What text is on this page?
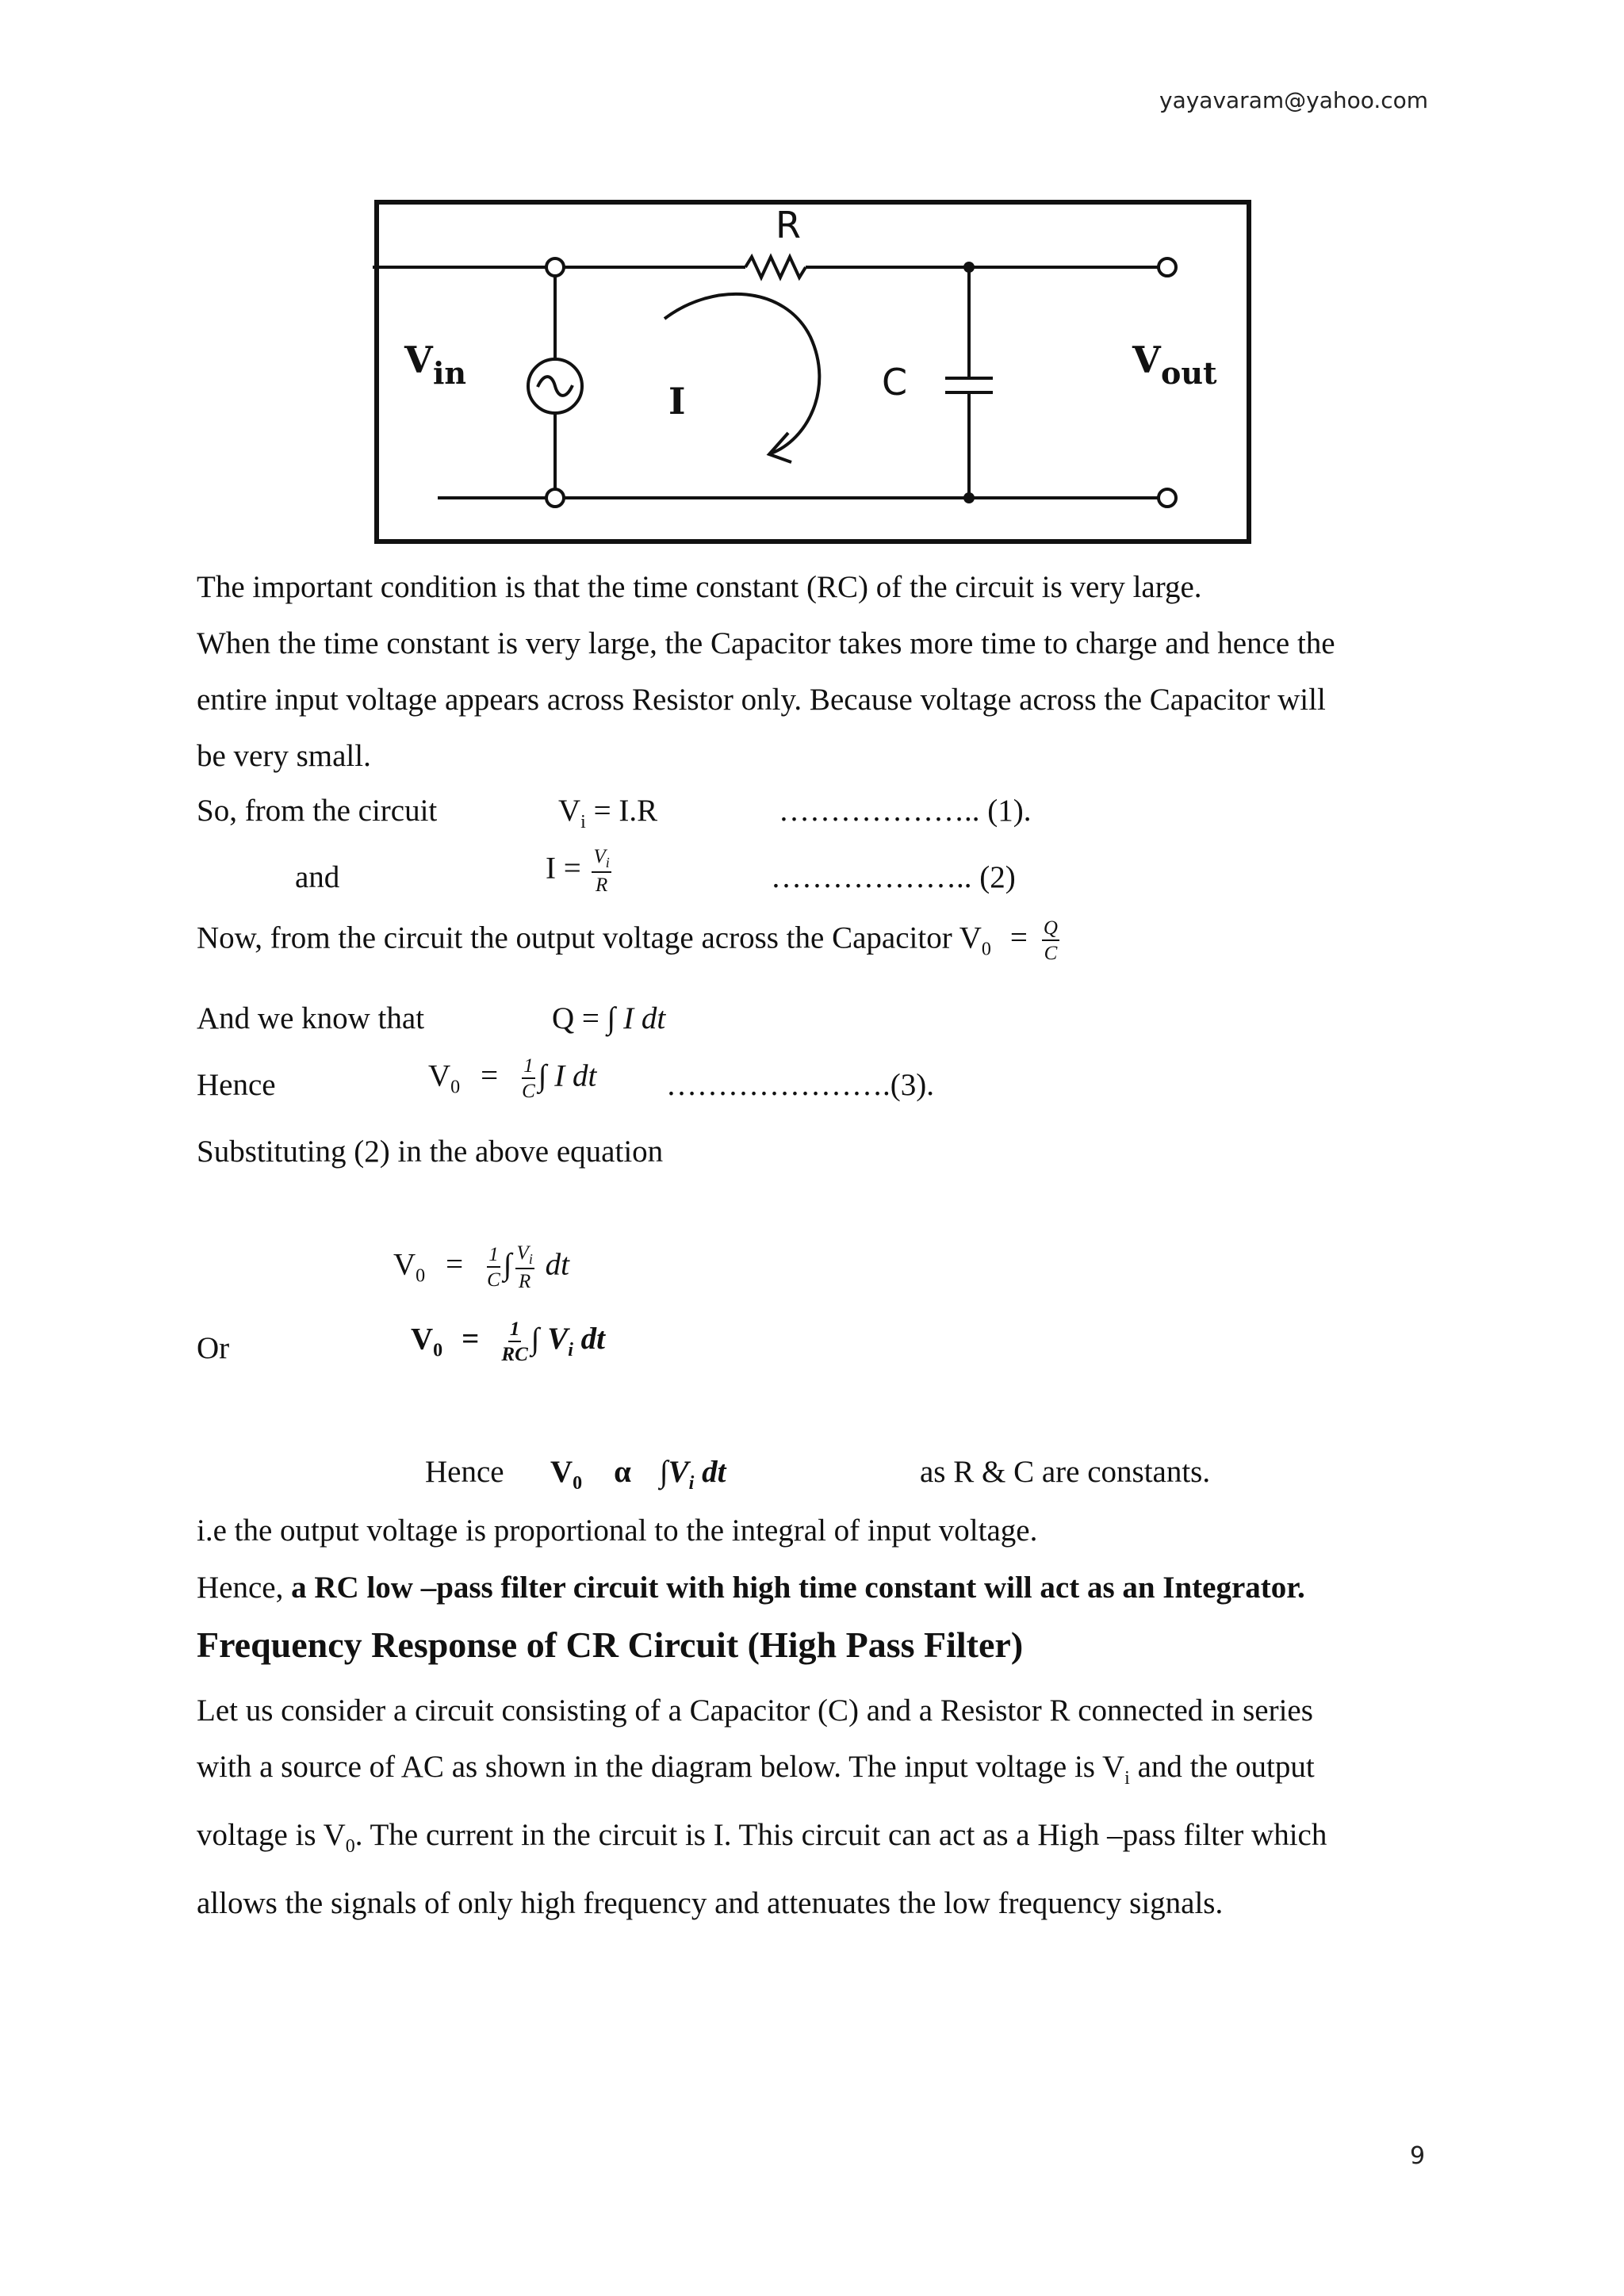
yayavaram@yahoo.com
R
C
I
V in	V out
The important condition is that the time constant (RC) of the circuit is very large.
When the time constant is very large, the Capacitor takes more time to charge and hence the
entire input voltage appears across Resistor only. Because voltage across the Capacitor will
be very small.
So, from the circuit	$V_i = I.R$	……………….. (1).
and	$I = \frac{V_i}{R}$	……………….. (2)
Now, from the circuit the output voltage across the Capacitor $V_0 = \frac{Q}{C}$
And we know that	Q = ∫ I dt
Hence	$V_0 = \frac{1}{C}$ ∫ I dt ………………….(3).
Substituting (2) in the above equation
$V_0 = \frac{1}{C}$ ∫ $\frac{V_i}{R}$ dt
Or	$V_0 = \frac{1}{RC}$ ∫ $V_i$ dt
Hence $V_0$ α $\int V_i$ dt	as R & C are constants.
i.e the output voltage is proportional to the integral of input voltage.
Hence, a RC low –pass filter circuit with high time constant will act as an Integrator.
Frequency Response of CR Circuit (High Pass Filter)
Let us consider a circuit consisting of a Capacitor (C) and a Resistor R connected in series
with a source of AC as shown in the diagram below. The input voltage is $V_i$ and the output
voltage is $V_0$. The current in the circuit is I. This circuit can act as a High –pass filter which
allows the signals of only high frequency and attenuates the low frequency signals.
9
